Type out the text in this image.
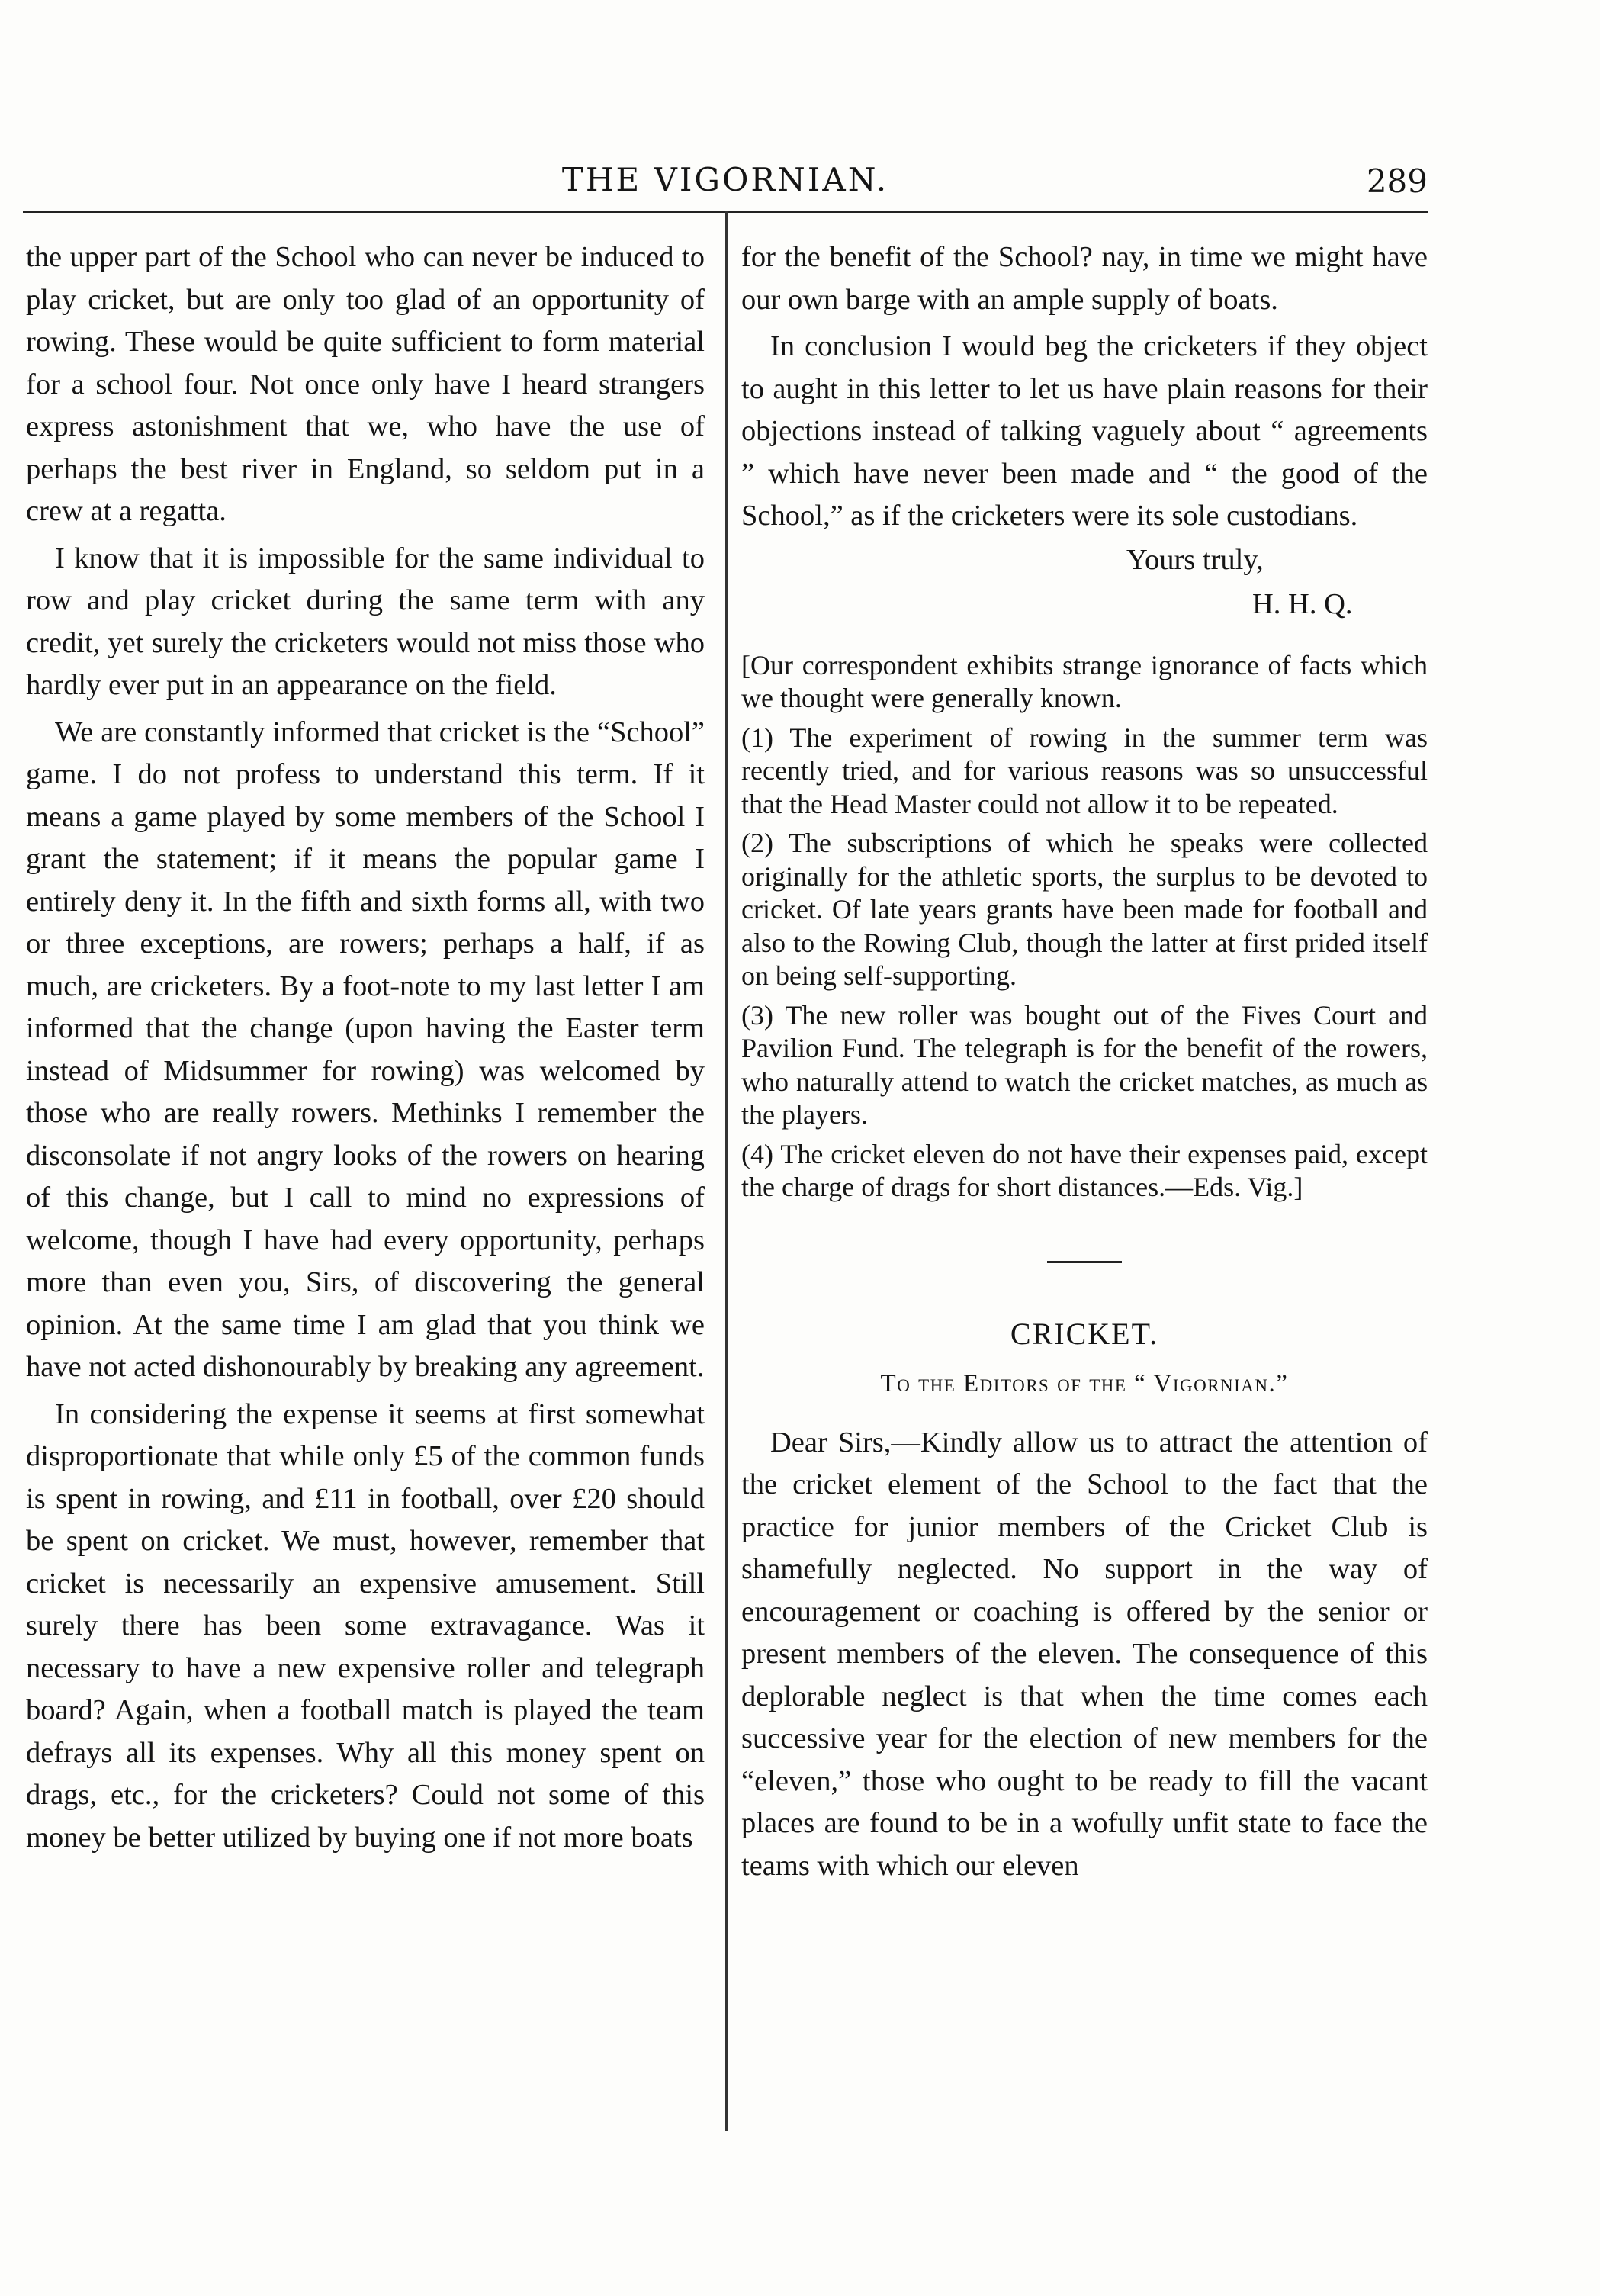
THE VIGORNIAN.	289

the upper part of the School who can never be induced to play cricket, but are only too glad of an opportunity of rowing. These would be quite sufficient to form material for a school four. Not once only have I heard strangers express astonishment that we, who have the use of perhaps the best river in England, so seldom put in a crew at a regatta.

I know that it is impossible for the same individual to row and play cricket during the same term with any credit, yet surely the cricketers would not miss those who hardly ever put in an appearance on the field.

We are constantly informed that cricket is the “School” game. I do not profess to understand this term. If it means a game played by some members of the School I grant the statement; if it means the popular game I entirely deny it. In the fifth and sixth forms all, with two or three exceptions, are rowers; perhaps a half, if as much, are cricketers. By a foot-note to my last letter I am informed that the change (upon having the Easter term instead of Midsummer for rowing) was welcomed by those who are really rowers. Methinks I remember the disconsolate if not angry looks of the rowers on hearing of this change, but I call to mind no expressions of welcome, though I have had every opportunity, perhaps more than even you, Sirs, of discovering the general opinion. At the same time I am glad that you think we have not acted dishonourably by breaking any agreement.

In considering the expense it seems at first somewhat disproportionate that while only £5 of the common funds is spent in rowing, and £11 in football, over £20 should be spent on cricket. We must, however, remember that cricket is necessarily an expensive amusement. Still surely there has been some extravagance. Was it necessary to have a new expensive roller and telegraph board? Again, when a football match is played the team defrays all its expenses. Why all this money spent on drags, etc., for the cricketers? Could not some of this money be better utilized by buying one if not more boats

for the benefit of the School? nay, in time we might have our own barge with an ample supply of boats.

In conclusion I would beg the cricketers if they object to aught in this letter to let us have plain reasons for their objections instead of talking vaguely about “ agreements ” which have never been made and “ the good of the School,” as if the cricketers were its sole custodians.

Yours truly,
H. H. Q.

[Our correspondent exhibits strange ignorance of facts which we thought were generally known.

(1) The experiment of rowing in the summer term was recently tried, and for various reasons was so unsuccessful that the Head Master could not allow it to be repeated.

(2) The subscriptions of which he speaks were collected originally for the athletic sports, the surplus to be devoted to cricket. Of late years grants have been made for football and also to the Rowing Club, though the latter at first prided itself on being self-supporting.

(3) The new roller was bought out of the Fives Court and Pavilion Fund. The telegraph is for the benefit of the rowers, who naturally attend to watch the cricket matches, as much as the players.

(4) The cricket eleven do not have their expenses paid, except the charge of drags for short distances.—Eds. Vig.]

CRICKET.
To the Editors of the “ Vigornian.”

Dear Sirs,—Kindly allow us to attract the attention of the cricket element of the School to the fact that the practice for junior members of the Cricket Club is shamefully neglected. No support in the way of encouragement or coaching is offered by the senior or present members of the eleven. The consequence of this deplorable neglect is that when the time comes each successive year for the election of new members for the “eleven,” those who ought to be ready to fill the vacant places are found to be in a wofully unfit state to face the teams with which our eleven
